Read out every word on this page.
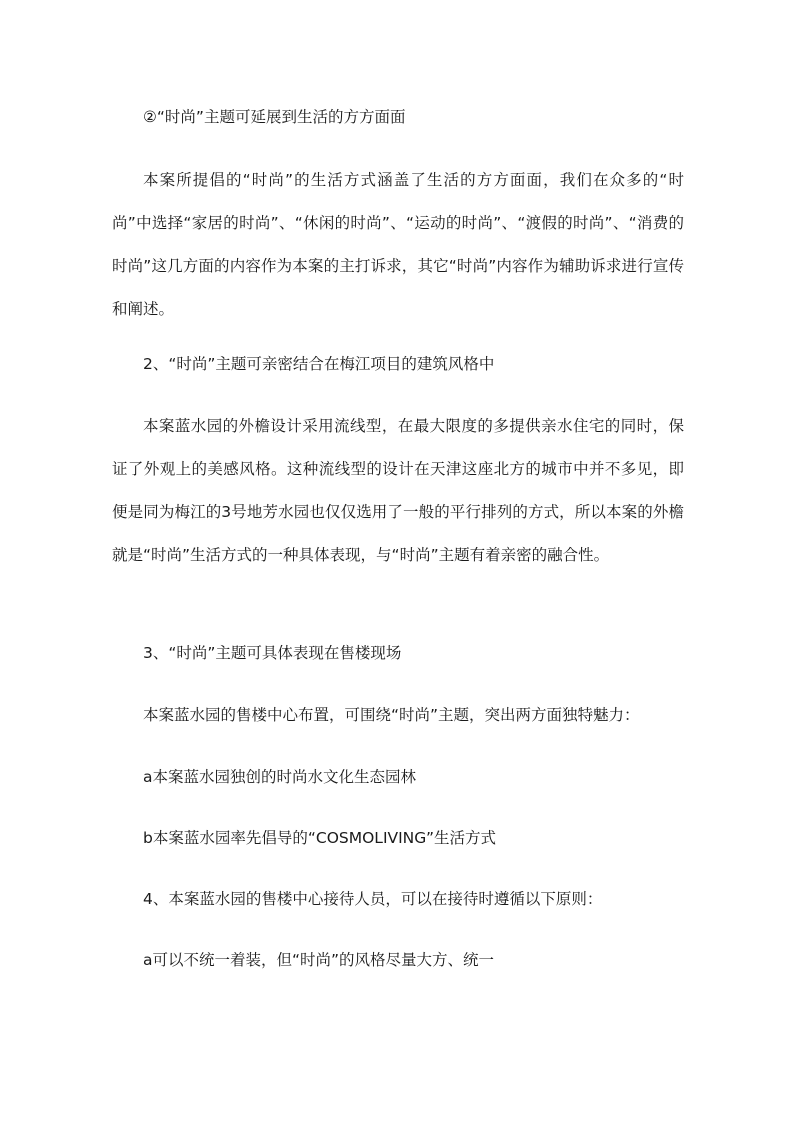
②“时尚”主题可延展到生活的方方面面

本案所提倡的“时尚”的生活方式涵盖了生活的方方面面，我们在众多的“时尚”中选择“家居的时尚”、“休闲的时尚”、“运动的时尚”、“渡假的时尚”、“消费的时尚”这几方面的内容作为本案的主打诉求，其它“时尚”内容作为辅助诉求进行宣传和阐述。

2、“时尚”主题可亲密结合在梅江项目的建筑风格中

本案蓝水园的外檐设计采用流线型，在最大限度的多提供亲水住宅的同时，保证了外观上的美感风格。这种流线型的设计在天津这座北方的城市中并不多见，即便是同为梅江的3号地芳水园也仅仅选用了一般的平行排列的方式，所以本案的外檐就是“时尚”生活方式的一种具体表现，与“时尚”主题有着亲密的融合性。

3、“时尚”主题可具体表现在售楼现场

本案蓝水园的售楼中心布置，可围绕“时尚”主题，突出两方面独特魅力：

a本案蓝水园独创的时尚水文化生态园林

b本案蓝水园率先倡导的“COSMOLIVING”生活方式

4、本案蓝水园的售楼中心接待人员，可以在接待时遵循以下原则：

a可以不统一着装，但“时尚”的风格尽量大方、统一
